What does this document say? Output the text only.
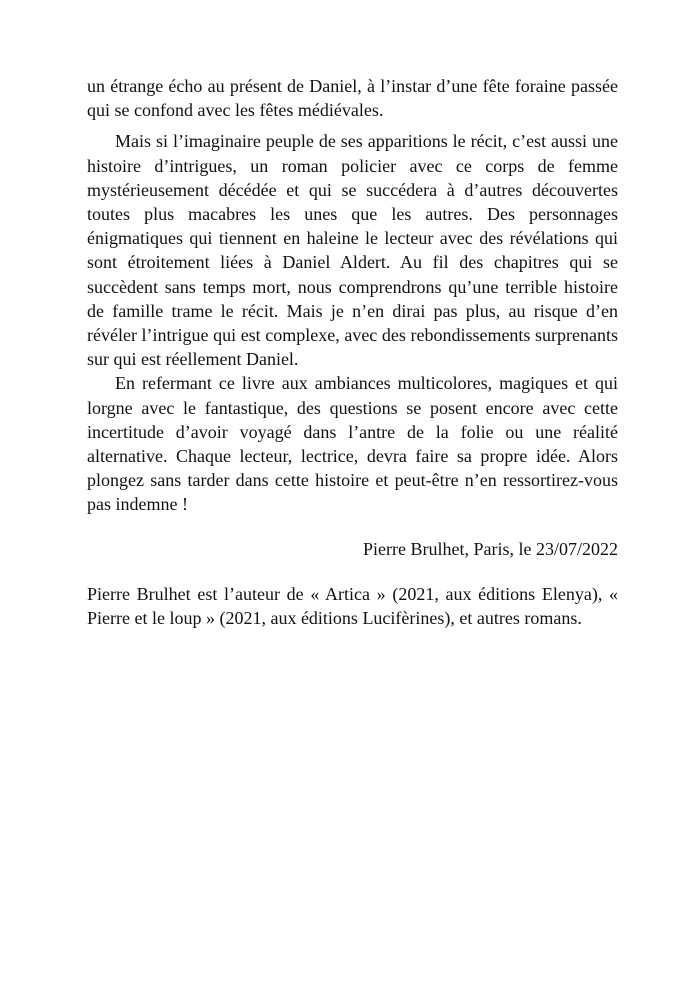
un étrange écho au présent de Daniel, à l’instar d’une fête foraine passée qui se confond avec les fêtes médiévales.

Mais si l’imaginaire peuple de ses apparitions le récit, c’est aussi une histoire d’intrigues, un roman policier avec ce corps de femme mystérieusement décédée et qui se succédera à d’autres découvertes toutes plus macabres les unes que les autres. Des personnages énigmatiques qui tiennent en haleine le lecteur avec des révélations qui sont étroitement liées à Daniel Aldert. Au fil des chapitres qui se succèdent sans temps mort, nous comprendrons qu’une terrible histoire de famille trame le récit. Mais je n’en dirai pas plus, au risque d’en révéler l’intrigue qui est complexe, avec des rebondissements surprenants sur qui est réellement Daniel.

En refermant ce livre aux ambiances multicolores, magiques et qui lorgne avec le fantastique, des questions se posent encore avec cette incertitude d’avoir voyagé dans l’antre de la folie ou une réalité alternative. Chaque lecteur, lectrice, devra faire sa propre idée. Alors plongez sans tarder dans cette histoire et peut-être n’en ressortirez-vous pas indemne !

Pierre Brulhet, Paris, le 23/07/2022

Pierre Brulhet est l’auteur de « Artica » (2021, aux éditions Elenya), « Pierre et le loup » (2021, aux éditions Lucifèrines), et autres romans.
